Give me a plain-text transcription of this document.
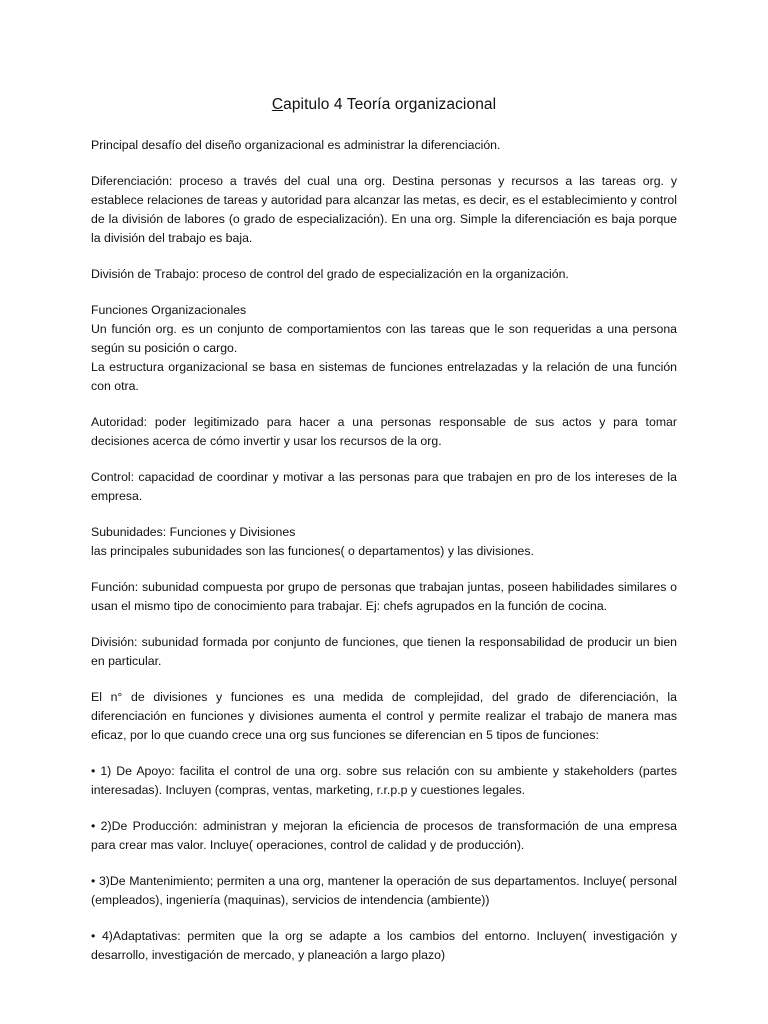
Capitulo 4 Teoría organizacional

Principal desafío del diseño organizacional es administrar la diferenciación.

Diferenciación: proceso a través del cual una org. Destina personas y recursos a las tareas org. y establece relaciones de tareas y autoridad para alcanzar las metas, es decir, es el establecimiento y control de la división de labores (o grado de especialización). En una org. Simple la diferenciación es baja porque la división del trabajo es baja.

División de Trabajo: proceso de control del grado de especialización en la organización.

Funciones Organizacionales
Un función org. es un conjunto de comportamientos con las tareas que le son requeridas a una persona según su posición o cargo.
La estructura organizacional se basa en sistemas de funciones entrelazadas y la relación de una función con otra.

Autoridad: poder legitimizado para hacer a una personas responsable de sus actos y para tomar decisiones acerca de cómo invertir y usar los recursos de la org.

Control: capacidad de coordinar y motivar a las personas para que trabajen en pro de los intereses de la empresa.

Subunidades: Funciones y Divisiones
las principales subunidades son las funciones( o departamentos) y las divisiones.

Función: subunidad compuesta por grupo de personas que trabajan juntas, poseen habilidades similares o usan el mismo tipo de conocimiento para trabajar. Ej: chefs agrupados en la función de cocina.

División: subunidad formada por conjunto de funciones, que tienen la responsabilidad de producir un bien en particular.

El n° de divisiones y funciones es una medida de complejidad, del grado de diferenciación, la diferenciación en funciones y divisiones aumenta el control y permite realizar el trabajo de manera mas eficaz, por lo que cuando crece una org sus funciones se diferencian en 5 tipos de funciones:

• 1) De Apoyo: facilita el control de una org. sobre sus relación con su ambiente y stakeholders (partes interesadas). Incluyen (compras, ventas, marketing, r.r.p.p y cuestiones legales.

• 2)De Producción: administran y mejoran la eficiencia de procesos de transformación de una empresa para crear mas valor. Incluye( operaciones, control de calidad y de producción).

• 3)De Mantenimiento; permiten a una org, mantener la operación de sus departamentos. Incluye( personal (empleados), ingeniería (maquinas), servicios de intendencia (ambiente))

• 4)Adaptativas: permiten que la org se adapte a los cambios del entorno. Incluyen( investigación y desarrollo, investigación de mercado, y planeación a largo plazo)
